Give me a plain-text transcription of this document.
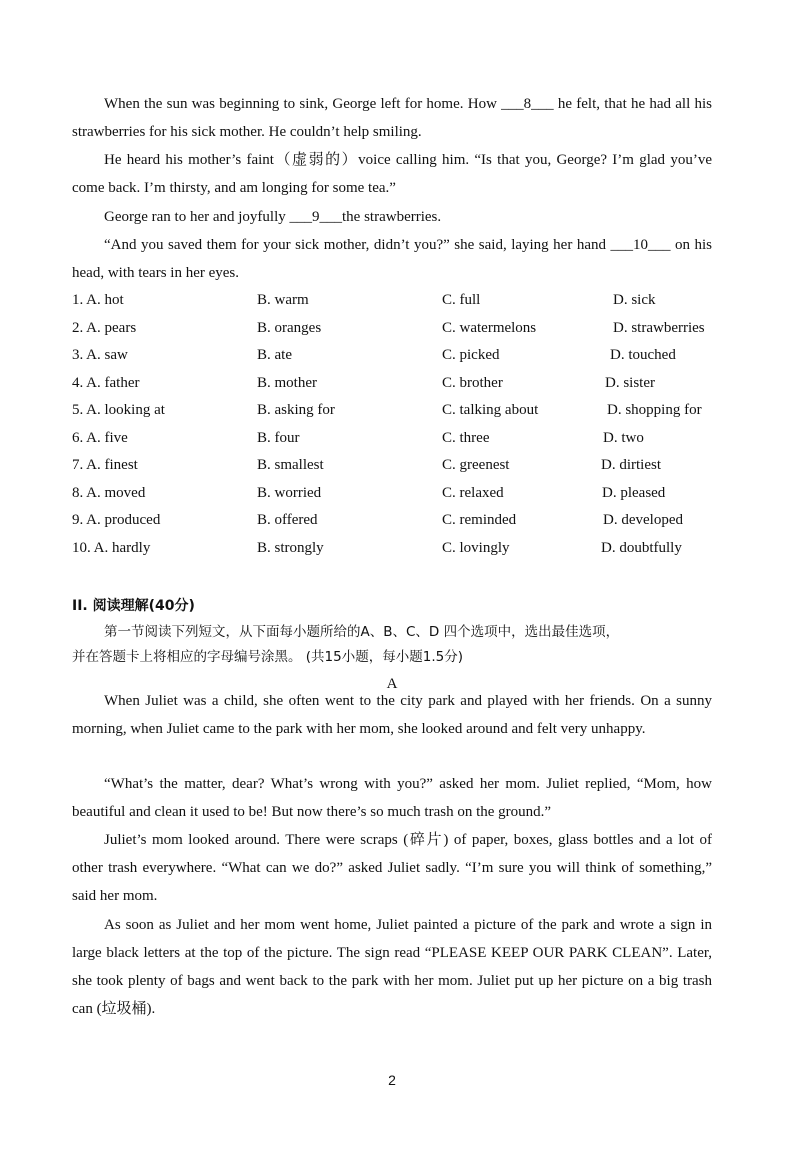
When the sun was beginning to sink, George left for home. How ___8___ he felt, that he had all his strawberries for his sick mother. He couldn’t help smiling.

He heard his mother’s faint（虚弱的）voice calling him. “Is that you, George? I’m glad you’ve come back. I’m thirsty, and am longing for some tea.”

George ran to her and joyfully ___9___the strawberries.

“And you saved them for your sick mother, didn’t you?” she said, laying her hand ___10___ on his head, with tears in her eyes.

1. A. hot	B. warm	C. full	D. sick
2. A. pears	B. oranges	C. watermelons	D. strawberries
3. A. saw	B. ate	C. picked	D. touched
4. A. father	B. mother	C. brother	D. sister
5. A. looking at	B. asking for	C. talking about	D. shopping for
6. A. five	B. four	C. three	D. two
7. A. finest	B. smallest	C. greenest	D. dirtiest
8. A. moved	B. worried	C. relaxed	D. pleased
9. A. produced	B. offered	C. reminded	D. developed
10. A. hardly	B. strongly	C. lovingly	D. doubtfully
II. 阅读理解(40分)

第一节阅读下列短文，从下面每小题所给的A、B、C、D 四个选项中，选出最佳选项，

并在答题卡上将相应的字母编号涂黑。 (共15小题，每小题1.5分)

A

When Juliet was a child, she often went to the city park and played with her friends. On a sunny morning, when Juliet came to the park with her mom, she looked around and felt very unhappy.

“What’s the matter, dear? What’s wrong with you?” asked her mom. Juliet replied, “Mom, how beautiful and clean it used to be! But now there’s so much trash on the ground.”

Juliet’s mom looked around. There were scraps (碎片) of paper, boxes, glass bottles and a lot of other trash everywhere. “What can we do?” asked Juliet sadly. “I’m sure you will think of something,” said her mom.

As soon as Juliet and her mom went home, Juliet painted a picture of the park and wrote a sign in large black letters at the top of the picture. The sign read “PLEASE KEEP OUR PARK CLEAN”. Later, she took plenty of bags and went back to the park with her mom. Juliet put up her picture on a big trash can (垃圾桶).

2
